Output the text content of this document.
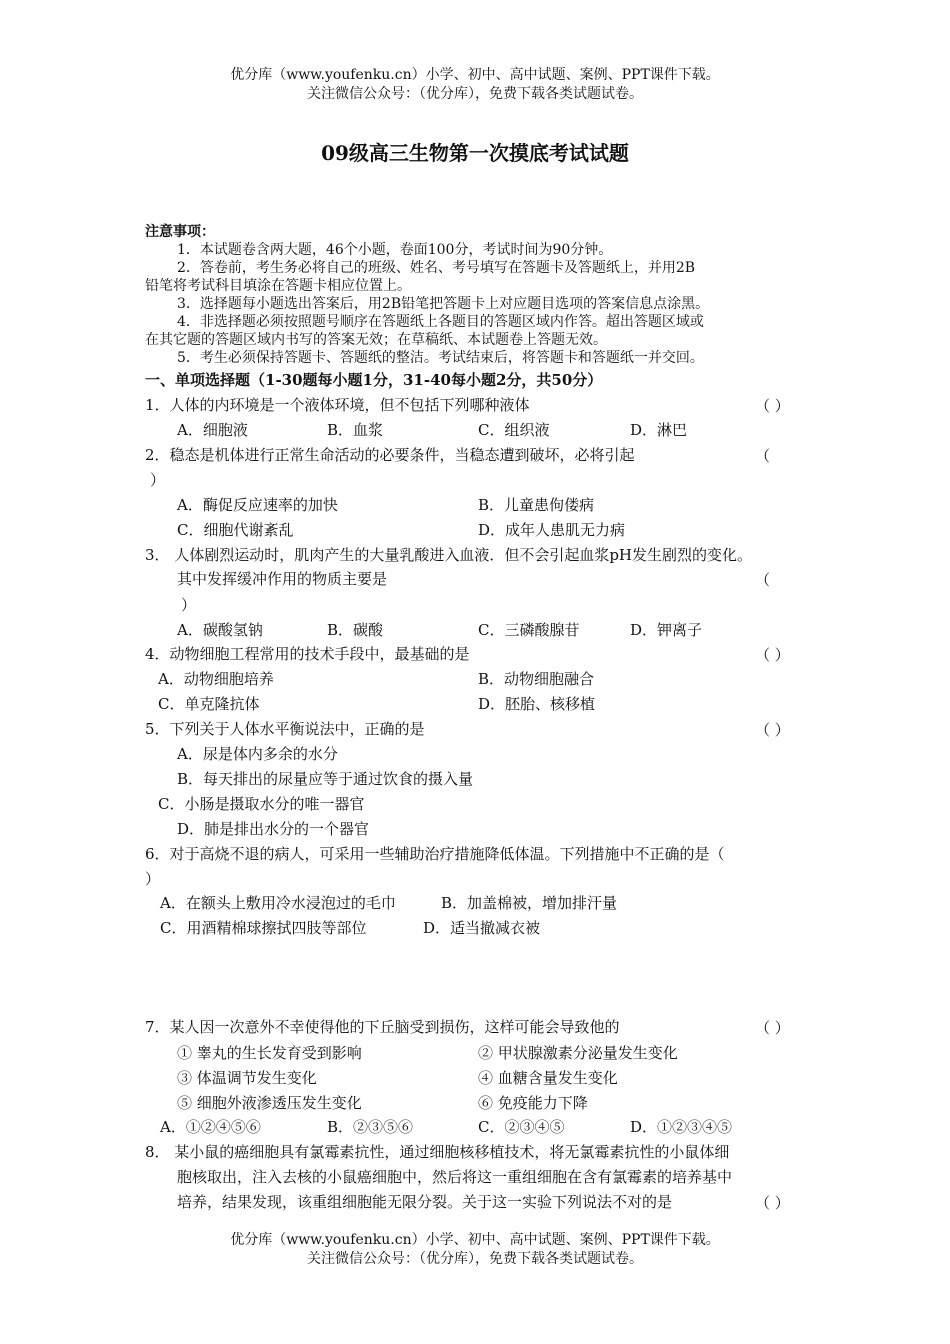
优分库（www.youfenku.cn）小学、初中、高中试题、案例、PPT课件下载。
关注微信公众号：（优分库），免费下载各类试题试卷。
09级高三生物第一次摸底考试试题
注意事项：
1．本试题卷含两大题，46个小题，卷面100分，考试时间为90分钟。
2．答卷前，考生务必将自己的班级、姓名、考号填写在答题卡及答题纸上，并用2B
铅笔将考试科目填涂在答题卡相应位置上。
3．选择题每小题选出答案后，用2B铅笔把答题卡上对应题目选项的答案信息点涂黑。
4．非选择题必须按照题号顺序在答题纸上各题目的答题区域内作答。超出答题区域或
在其它题的答题区域内书写的答案无效；在草稿纸、本试题卷上答题无效。
5．考生必须保持答题卡、答题纸的整洁。考试结束后，将答题卡和答题纸一并交回。
一、单项选择题（1-30题每小题1分，31-40每小题2分，共50分）
1．人体的内环境是一个液体环境，但不包括下列哪种液体	（ ）
A．细胞液	B．血浆	C．组织液	D．淋巴
2．稳态是机体进行正常生命活动的必要条件，当稳态遭到破坏，必将引起	（
）
A．酶促反应速率的加快	B．儿童患佝偻病
C．细胞代谢紊乱	D．成年人患肌无力病
3． 人体剧烈运动时，肌肉产生的大量乳酸进入血液．但不会引起血浆pH发生剧烈的变化。
其中发挥缓冲作用的物质主要是	（
）
A．碳酸氢钠	B．碳酸	C．三磷酸腺苷	D．钾离子
4．动物细胞工程常用的技术手段中，最基础的是	（ ）
A．动物细胞培养	B．动物细胞融合
C．单克隆抗体	D．胚胎、核移植
5．下列关于人体水平衡说法中，正确的是	（ ）
A．尿是体内多余的水分
B．每天排出的尿量应等于通过饮食的摄入量
C．小肠是摄取水分的唯一器官
D．肺是排出水分的一个器官
6．对于高烧不退的病人，可采用一些辅助治疗措施降低体温。下列措施中不正确的是（
）
A．在额头上敷用冷水浸泡过的毛巾	B．加盖棉被，增加排汗量
C．用酒精棉球擦拭四肢等部位	D．适当撤减衣被
7．某人因一次意外不幸使得他的下丘脑受到损伤，这样可能会导致他的	（ ）
① 睾丸的生长发育受到影响	② 甲状腺激素分泌量发生变化
③ 体温调节发生变化	④ 血糖含量发生变化
⑤ 细胞外液渗透压发生变化	⑥ 免疫能力下降
A．①②④⑤⑥	B．②③⑤⑥	C．②③④⑤	D．①②③④⑤
8． 某小鼠的癌细胞具有氯霉素抗性，通过细胞核移植技术，将无氯霉素抗性的小鼠体细
胞核取出，注入去核的小鼠癌细胞中，然后将这一重组细胞在含有氯霉素的培养基中
培养，结果发现，该重组细胞能无限分裂。关于这一实验下列说法不对的是	（ ）
优分库（www.youfenku.cn）小学、初中、高中试题、案例、PPT课件下载。
关注微信公众号：（优分库），免费下载各类试题试卷。
